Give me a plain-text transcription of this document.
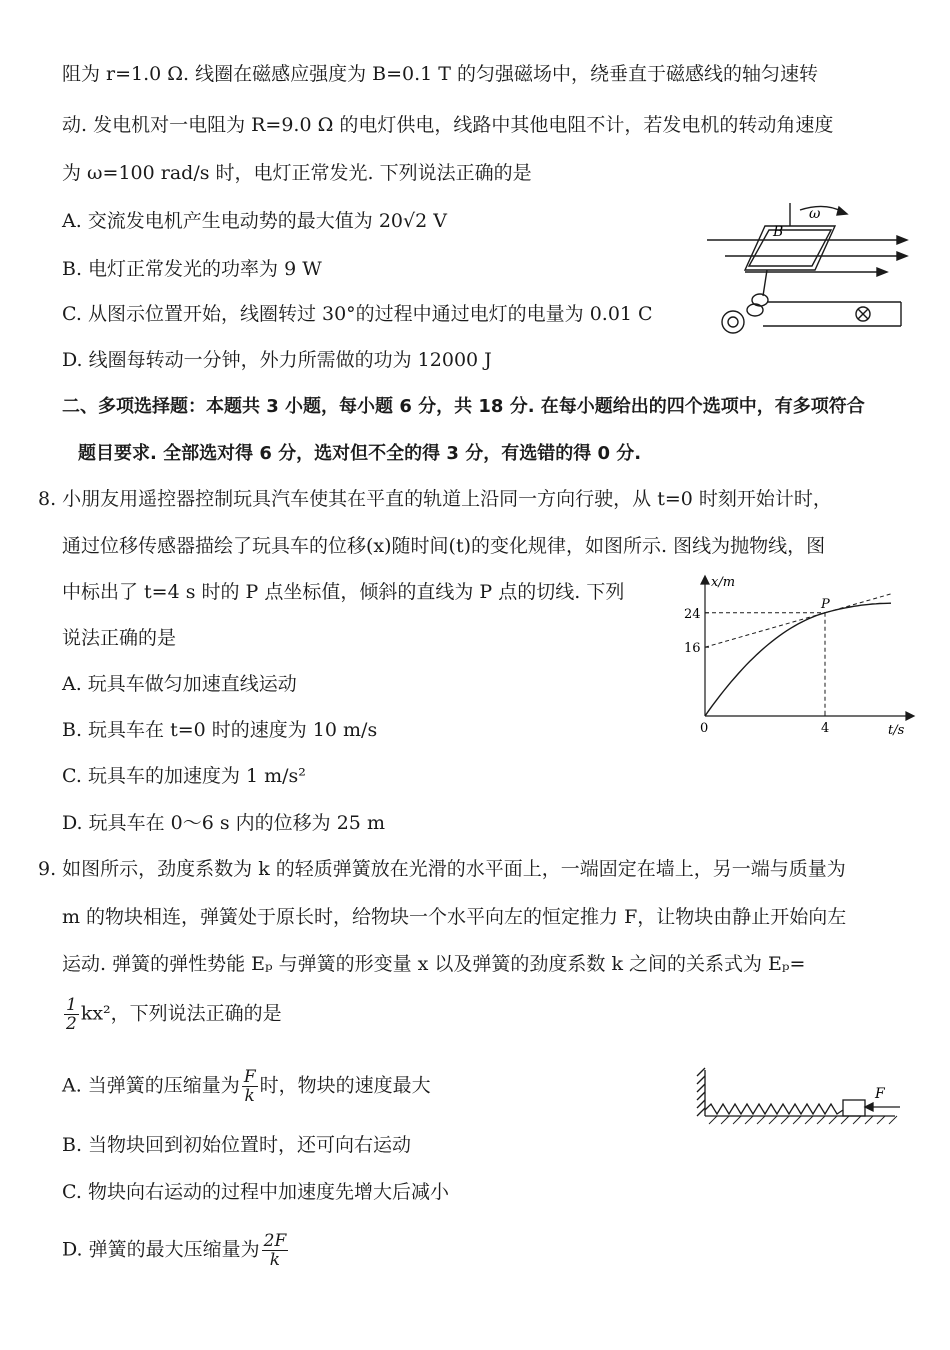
阻为 r=1.0 Ω. 线圈在磁感应强度为 B=0.1 T 的匀强磁场中，绕垂直于磁感线的轴匀速转
动. 发电机对一电阻为 R=9.0 Ω 的电灯供电，线路中其他电阻不计，若发电机的转动角速度
为 ω=100 rad/s 时，电灯正常发光. 下列说法正确的是
A. 交流发电机产生电动势的最大值为 20√2 V
B. 电灯正常发光的功率为 9 W
C. 从图示位置开始，线圈转过 30°的过程中通过电灯的电量为 0.01 C
D. 线圈每转动一分钟，外力所需做的功为 12000 J
B
ω
二、多项选择题：本题共 3 小题，每小题 6 分，共 18 分. 在每小题给出的四个选项中，有多项符合
题目要求. 全部选对得 6 分，选对但不全的得 3 分，有选错的得 0 分.
8. 小朋友用遥控器控制玩具汽车使其在平直的轨道上沿同一方向行驶，从 t=0 时刻开始计时，
通过位移传感器描绘了玩具车的位移(x)随时间(t)的变化规律，如图所示. 图线为抛物线，图
中标出了 t=4 s 时的 P 点坐标值，倾斜的直线为 P 点的切线. 下列
说法正确的是
A. 玩具车做匀加速直线运动
B. 玩具车在 t=0 时的速度为 10 m/s
C. 玩具车的加速度为 1 m/s²
D. 玩具车在 0～6 s 内的位移为 25 m
x/m
t/s
0
24
16
4
P
9. 如图所示，劲度系数为 k 的轻质弹簧放在光滑的水平面上，一端固定在墙上，另一端与质量为
m 的物块相连，弹簧处于原长时，给物块一个水平向左的恒定推力 F，让物块由静止开始向左
运动. 弹簧的弹性势能 Eₚ 与弹簧的形变量 x 以及弹簧的劲度系数 k 之间的关系式为 Eₚ=
$\frac{1}{2} kx^2$，下列说法正确的是
A. 当弹簧的压缩量为 $\frac{F}{k}$ 时，物块的速度最大
B. 当物块回到初始位置时，还可向右运动
C. 物块向右运动的过程中加速度先增大后减小
D. 弹簧的最大压缩量为 $\frac{2F}{k}$
F
